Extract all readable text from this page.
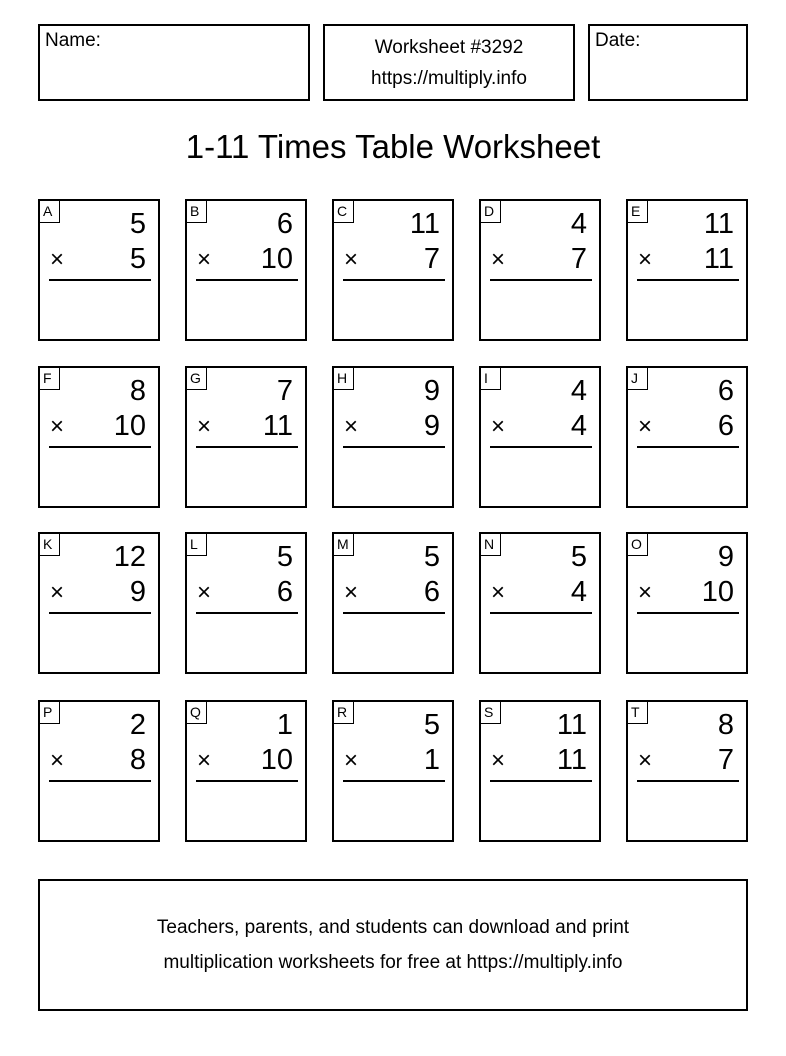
Name:	Worksheet #3292
https://multiply.info
Date:
1-11 Times Table Worksheet
A	5
× 5
B	6
× 10
C 11
× 7
D	4
× 7
E 11
× 11
F	8
× 10
G	7
× 11
H	9
× 9
I	4
× 4
J	6
× 6
K 12
× 9
L	5
× 6
M	5
× 6
N	5
× 4
O	9
× 10
P	2
× 8
Q	1
× 10
R	5
× 1
S 11
× 11
T	8
× 7
Teachers, parents, and students can download and print
multiplication worksheets for free at https://multiply.info
